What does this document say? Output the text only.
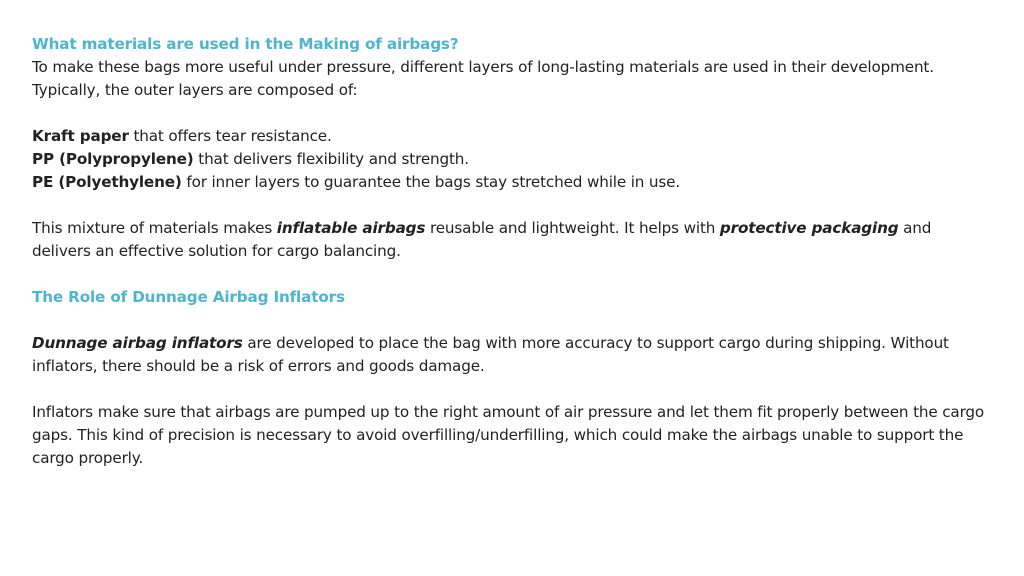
What materials are used in the Making of airbags?

To make these bags more useful under pressure, different layers of long-lasting materials are used in their development. Typically, the outer layers are composed of:

Kraft paper that offers tear resistance.

PP (Polypropylene) that delivers flexibility and strength.

PE (Polyethylene) for inner layers to guarantee the bags stay stretched while in use.

This mixture of materials makes inflatable airbags reusable and lightweight. It helps with protective packaging and delivers an effective solution for cargo balancing.

The Role of Dunnage Airbag Inflators

Dunnage airbag inflators are developed to place the bag with more accuracy to support cargo during shipping. Without inflators, there should be a risk of errors and goods damage.

Inflators make sure that airbags are pumped up to the right amount of air pressure and let them fit properly between the cargo gaps. This kind of precision is necessary to avoid overfilling/underfilling, which could make the airbags unable to support the cargo properly.
